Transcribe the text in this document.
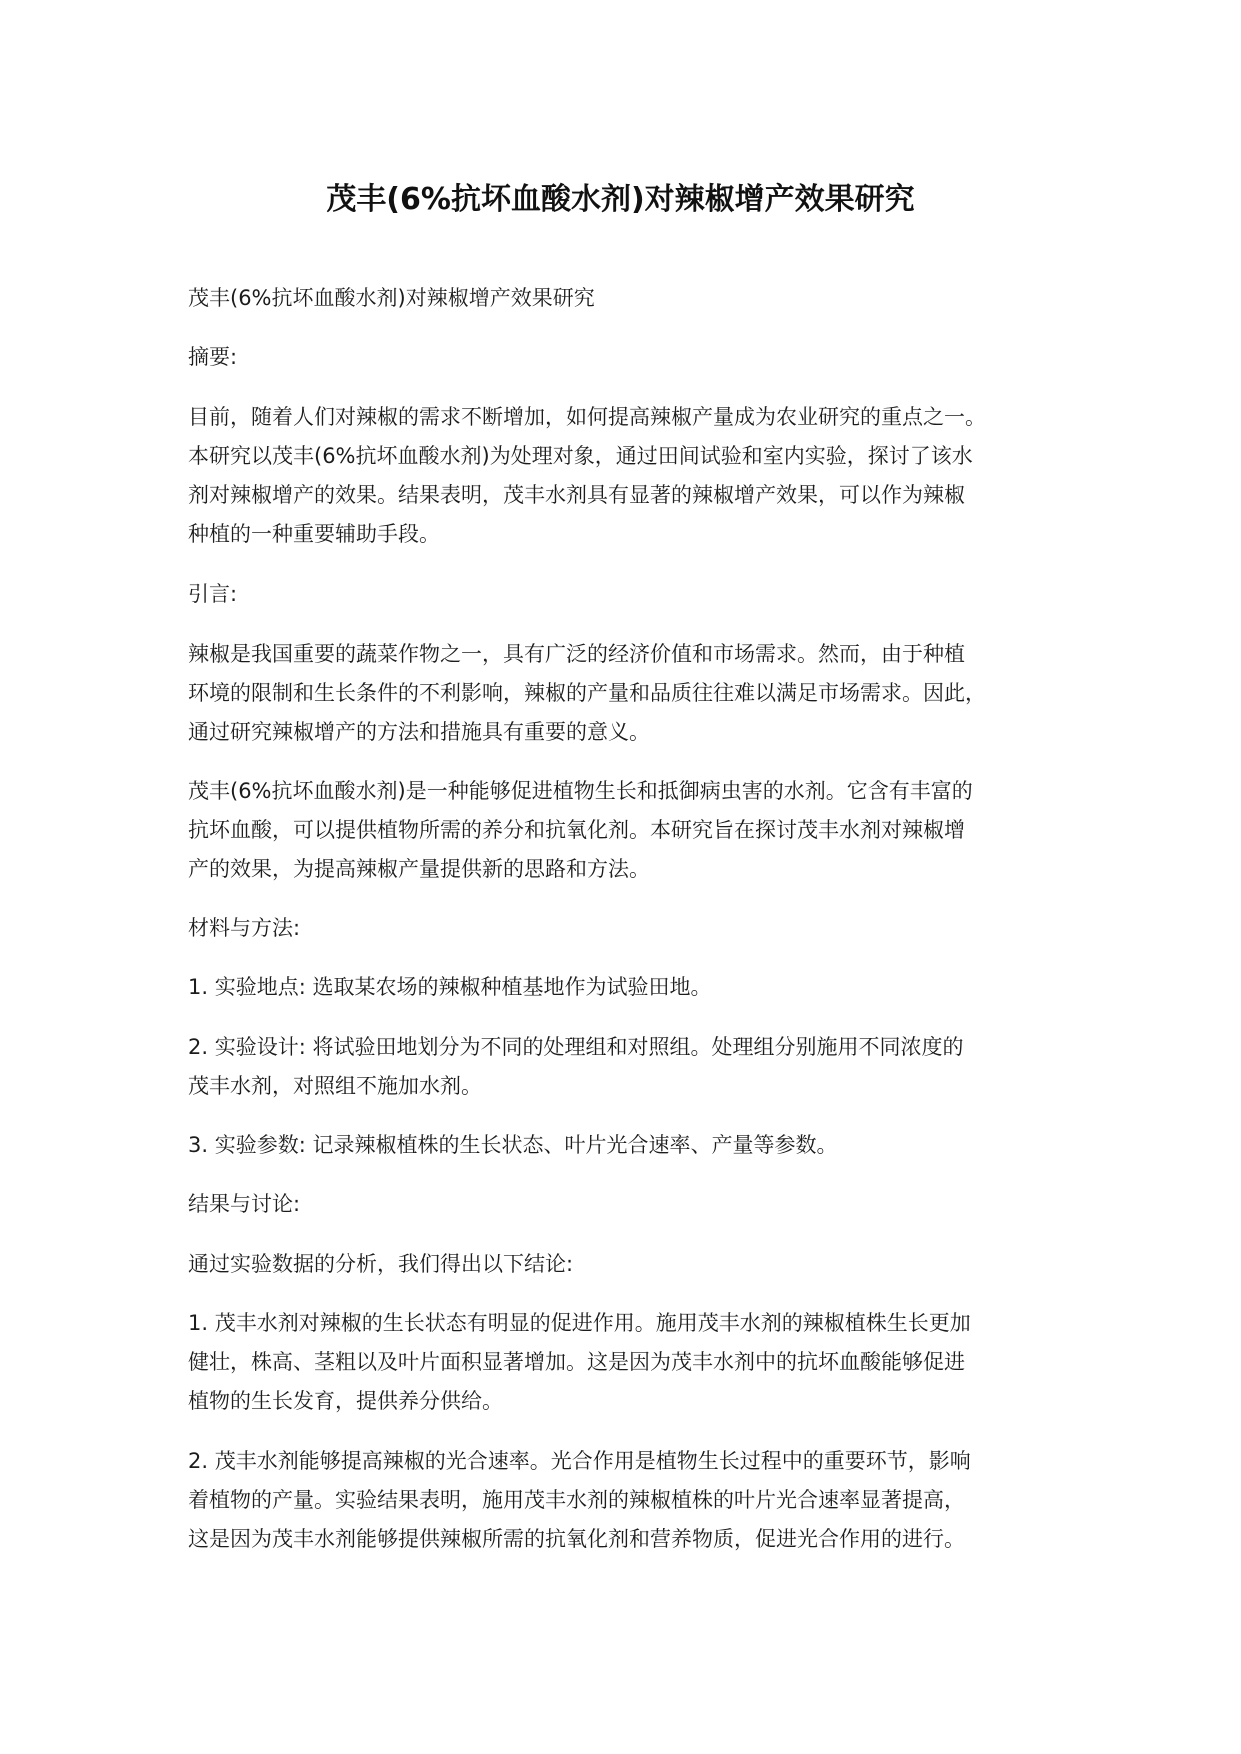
茂丰(6%抗坏血酸水剂)对辣椒增产效果研究

茂丰(6%抗坏血酸水剂)对辣椒增产效果研究

摘要:

目前，随着人们对辣椒的需求不断增加，如何提高辣椒产量成为农业研究的重点之一。

本研究以茂丰(6%抗坏血酸水剂)为处理对象，通过田间试验和室内实验，探讨了该水

剂对辣椒增产的效果。结果表明，茂丰水剂具有显著的辣椒增产效果，可以作为辣椒

种植的一种重要辅助手段。

引言:

辣椒是我国重要的蔬菜作物之一，具有广泛的经济价值和市场需求。然而，由于种植

环境的限制和生长条件的不利影响，辣椒的产量和品质往往难以满足市场需求。因此，

通过研究辣椒增产的方法和措施具有重要的意义。

茂丰(6%抗坏血酸水剂)是一种能够促进植物生长和抵御病虫害的水剂。它含有丰富的

抗坏血酸，可以提供植物所需的养分和抗氧化剂。本研究旨在探讨茂丰水剂对辣椒增

产的效果，为提高辣椒产量提供新的思路和方法。

材料与方法:

1. 实验地点: 选取某农场的辣椒种植基地作为试验田地。

2. 实验设计: 将试验田地划分为不同的处理组和对照组。处理组分别施用不同浓度的

茂丰水剂，对照组不施加水剂。

3. 实验参数: 记录辣椒植株的生长状态、叶片光合速率、产量等参数。

结果与讨论:

通过实验数据的分析，我们得出以下结论:

1. 茂丰水剂对辣椒的生长状态有明显的促进作用。施用茂丰水剂的辣椒植株生长更加

健壮，株高、茎粗以及叶片面积显著增加。这是因为茂丰水剂中的抗坏血酸能够促进

植物的生长发育，提供养分供给。

2. 茂丰水剂能够提高辣椒的光合速率。光合作用是植物生长过程中的重要环节，影响

着植物的产量。实验结果表明，施用茂丰水剂的辣椒植株的叶片光合速率显著提高，

这是因为茂丰水剂能够提供辣椒所需的抗氧化剂和营养物质，促进光合作用的进行。
